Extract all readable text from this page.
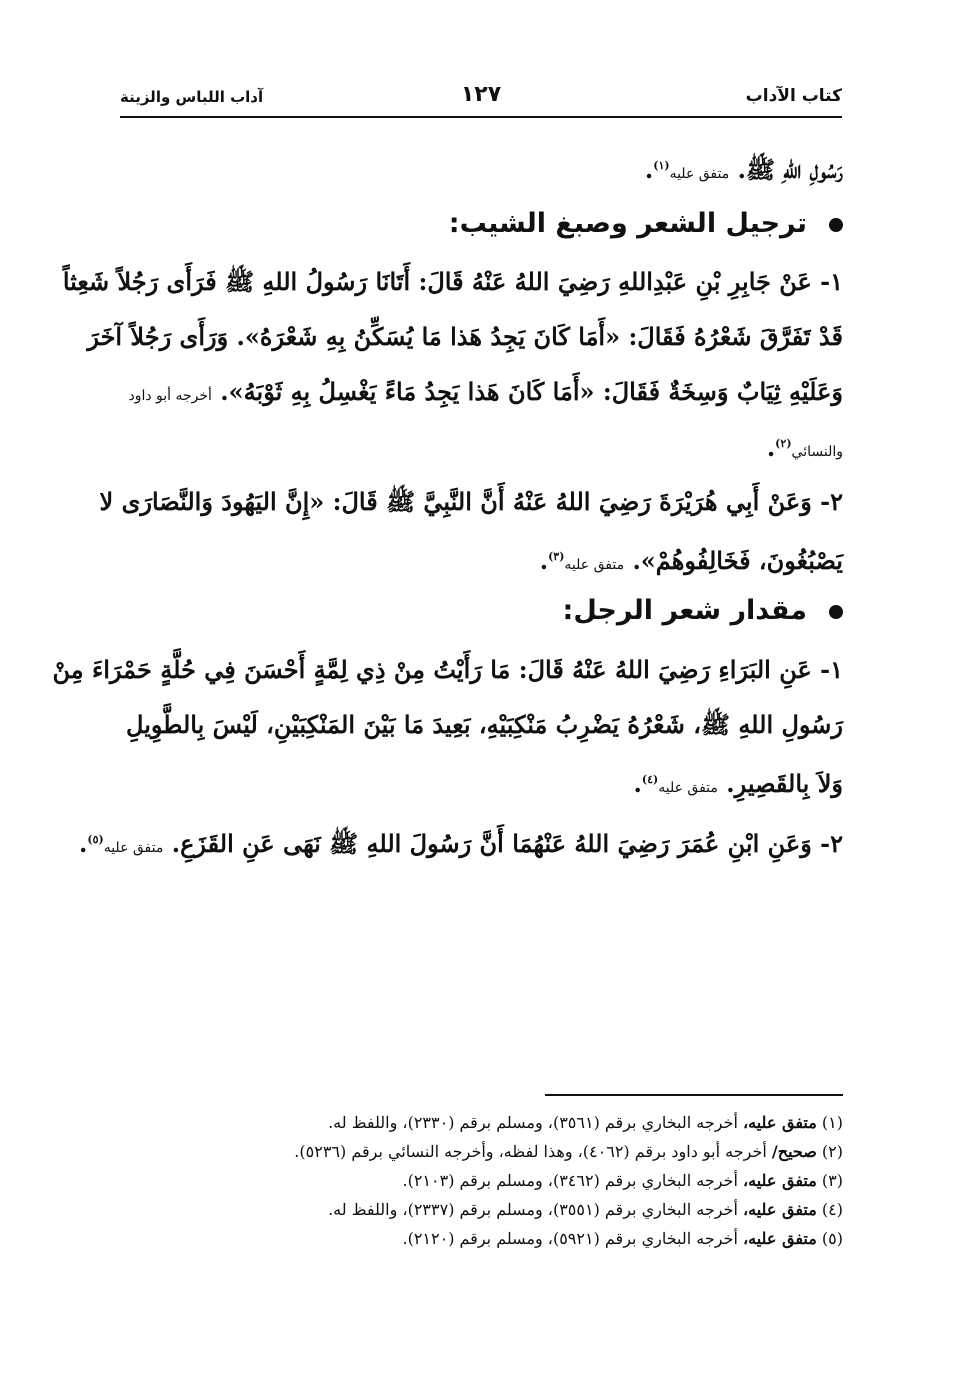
كتاب الآداب
١٢٧
آداب اللباس والزينة
رَسُولِ اللهِ ﷺ. متفق عليه$^{(١)}$.
ترجيل الشعر وصبغ الشيب:
١- عَنْ جَابِرِ بْنِ عَبْدِاللهِ رَضِيَ اللهُ عَنْهُ قَالَ: أَتَانَا رَسُولُ اللهِ ﷺ فَرَأَى رَجُلاً شَعِثاً
قَدْ تَفَرَّقَ شَعْرُهُ فَقَالَ: «أَمَا كَانَ يَجِدُ هَذا مَا يُسَكِّنُ بِهِ شَعْرَهُ». وَرَأَى رَجُلاً آخَرَ
وَعَلَيْهِ ثِيَابٌ وَسِخَةٌ فَقَالَ: «أَمَا كَانَ هَذا يَجِدُ مَاءً يَغْسِلُ بِهِ ثَوْبَهُ». أخرجه أبو داود
والنسائي$^{(٢)}$.
٢- وَعَنْ أَبِي هُرَيْرَةَ رَضِيَ اللهُ عَنْهُ أَنَّ النَّبِيَّ ﷺ قَالَ: «إِنَّ اليَهُودَ وَالنَّصَارَى لا
يَصْبُغُونَ، فَخَالِفُوهُمْ». متفق عليه$^{(٣)}$.
مقدار شعر الرجل:
١- عَنِ البَرَاءِ رَضِيَ اللهُ عَنْهُ قَالَ: مَا رَأَيْتُ مِنْ ذِي لِمَّةٍ أَحْسَنَ فِي حُلَّةٍ حَمْرَاءَ مِنْ
رَسُولِ اللهِ ﷺ، شَعْرُهُ يَضْرِبُ مَنْكِبَيْهِ، بَعِيدَ مَا بَيْنَ المَنْكِبَيْنِ، لَيْسَ بِالطَّوِيلِ
وَلاَ بِالقَصِيرِ. متفق عليه$^{(٤)}$.
٢- وَعَنِ ابْنِ عُمَرَ رَضِيَ اللهُ عَنْهُمَا أَنَّ رَسُولَ اللهِ ﷺ نَهَى عَنِ القَزَعِ. متفق عليه$^{(٥)}$.
(١) متفق عليه، أخرجه البخاري برقم (٣٥٦١)، ومسلم برقم (٢٣٣٠)، واللفظ له.
(٢) صحيح/ أخرجه أبو داود برقم (٤٠٦٢)، وهذا لفظه، وأخرجه النسائي برقم (٥٢٣٦).
(٣) متفق عليه، أخرجه البخاري برقم (٣٤٦٢)، ومسلم برقم (٢١٠٣).
(٤) متفق عليه، أخرجه البخاري برقم (٣٥٥١)، ومسلم برقم (٢٣٣٧)، واللفظ له.
(٥) متفق عليه، أخرجه البخاري برقم (٥٩٢١)، ومسلم برقم (٢١٢٠).
